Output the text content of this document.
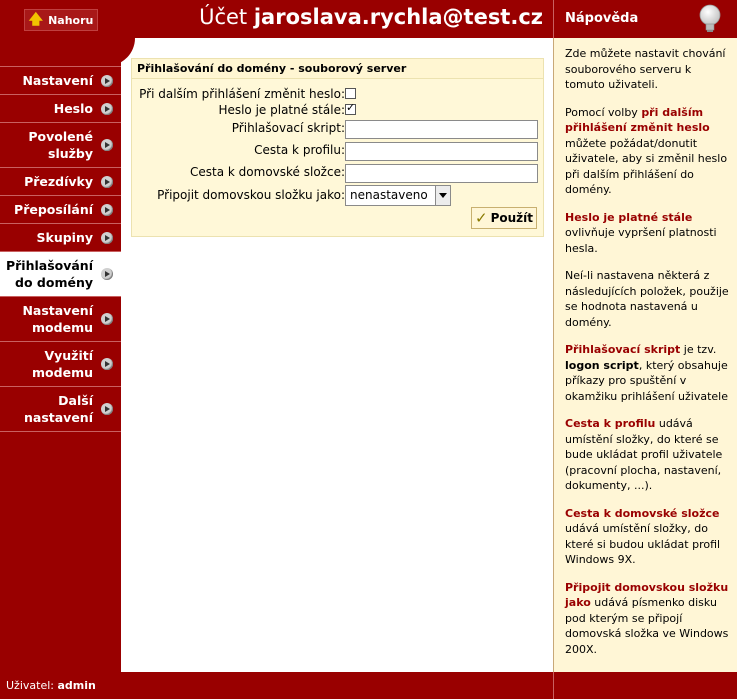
🡅 Nahoru	Účet jaroslava.rychla@test.cz
Nastavení
Heslo
Povolené
služby
Přezdívky
Přeposílání
Skupiny
Přihlašování
do domény
Nastavení
modemu
Využití
modemu
Další
nastavení
Přihlašování do domény - souborový server
Při dalším přihlášení změnit heslo:
Heslo je platné stále:
✓
Přihlašovací skript:
Cesta k profilu:
Cesta k domovské složce:
Připojit domovskou složku jako: nenastaveno
✓ Použít
Nápověda

Zde můžete nastavit chování souborového serveru k tomuto uživateli.

Pomocí volby při dalším přihlášení změnit heslo můžete požádat/donutit uživatele, aby si změnil heslo při dalším přihlášení do domény.

Heslo je platné stále ovlivňuje vypršení platnosti hesla.

Neí-li nastavena některá z následujících položek, použije se hodnota nastavená u domény.

Přihlašovací skript je tzv. logon script, který obsahuje příkazy pro spuštění v okamžiku prihlášení uživatele

Cesta k profilu udává umístění složky, do které se bude ukládat profil uživatele (pracovní plocha, nastavení, dokumenty, ...).

Cesta k domovské složce udává umístění složky, do které si budou ukládat profil Windows 9X.

Připojit domovskou složku jako udává písmenko disku pod kterým se připojí domovská složka ve Windows 200X.

Uživatel: admin
